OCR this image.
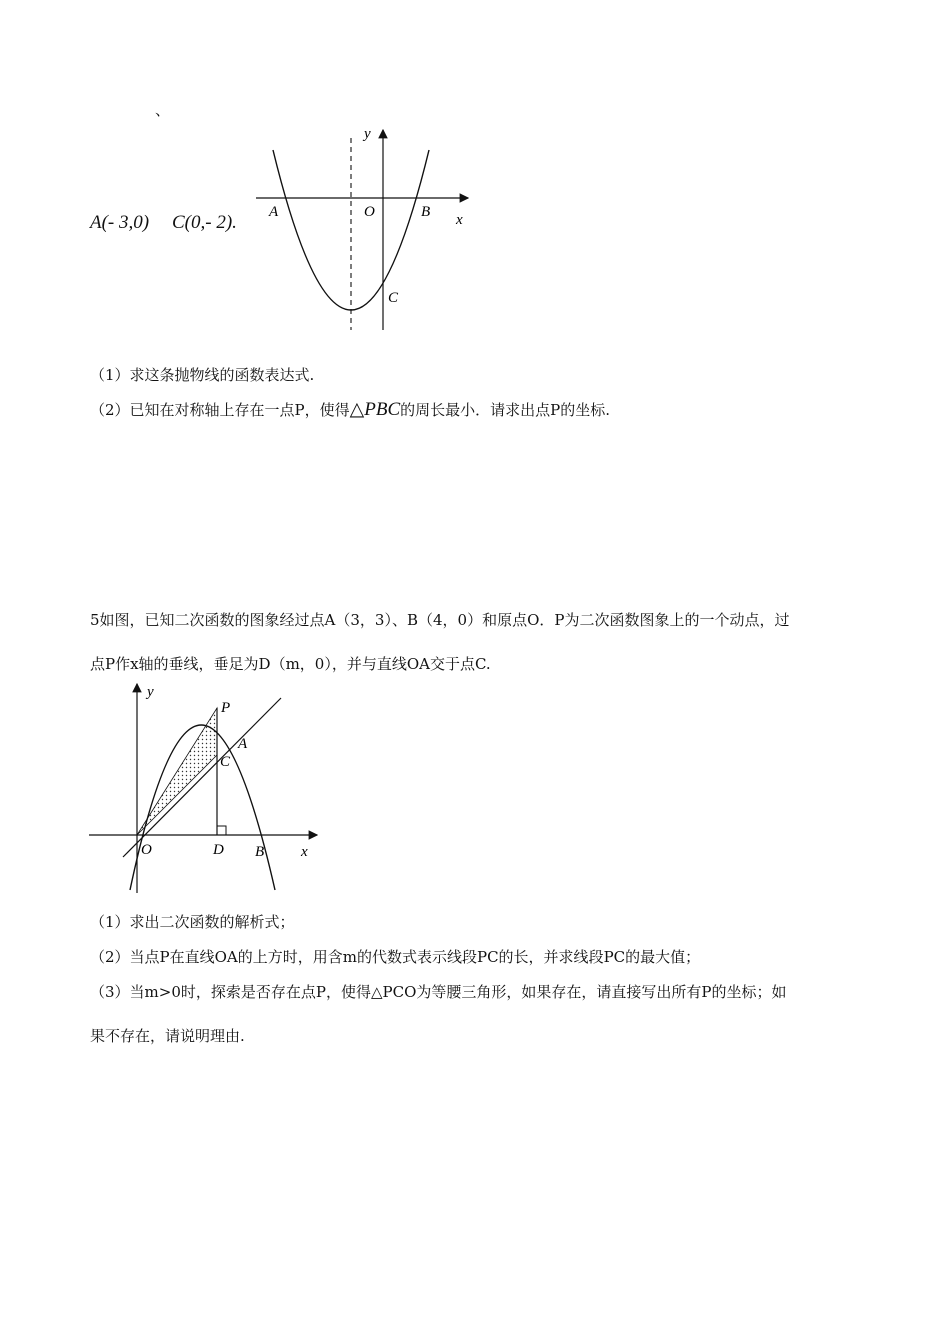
、
A(- 3,0) C(0,- 2). A	O	B x
y
C
（1）求这条抛物线的函数表达式.
（2）已知在对称轴上存在一点P，使得△PBC的周长最小．请求出点P的坐标.
5如图，已知二次函数的图象经过点A（3，3）、B（4，0）和原点O．P为二次函数图象上的一个动点，过
点P作x轴的垂线，垂足为D（m，0），并与直线OA交于点C.
y
P
A
C
O	D B x
（1）求出二次函数的解析式；
（2）当点P在直线OA的上方时，用含m的代数式表示线段PC的长，并求线段PC的最大值；
（3）当m>0时，探索是否存在点P，使得△PCO为等腰三角形，如果存在，请直接写出所有P的坐标；如
果不存在，请说明理由.
